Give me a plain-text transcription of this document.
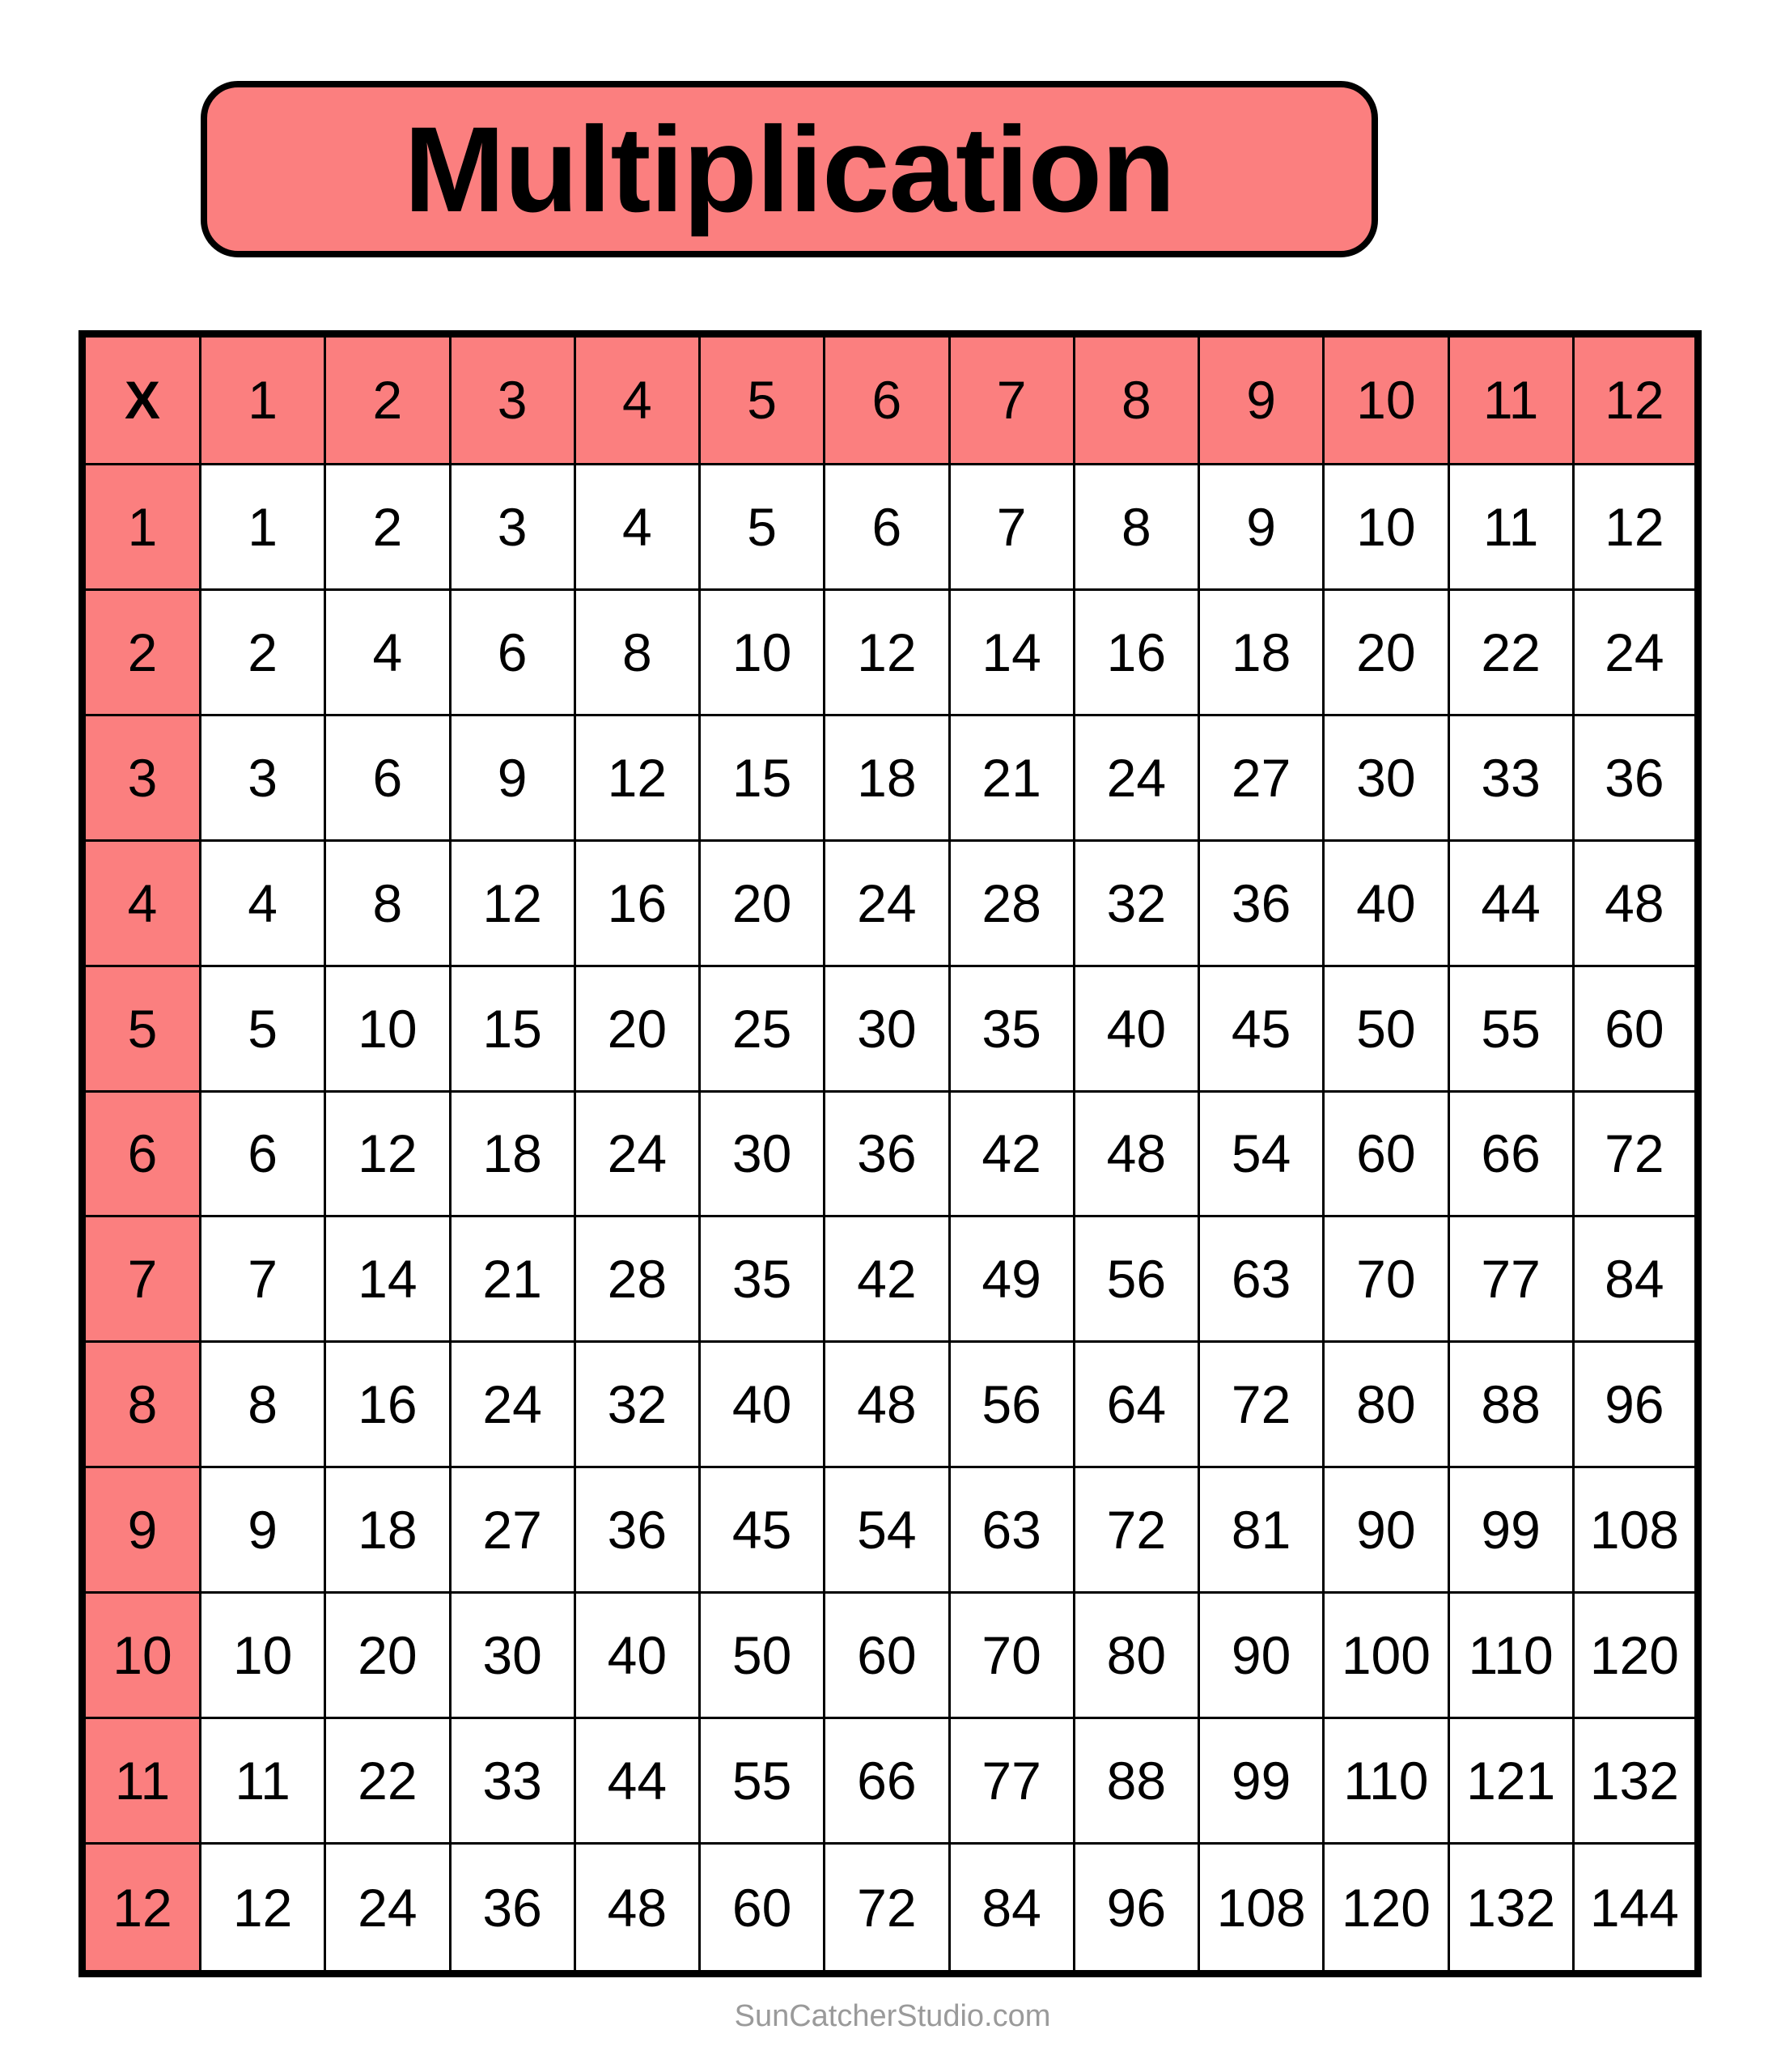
Multiplication
X	1	2	3	4	5	6	7	8	9	10	11	12
1	1	2	3	4	5	6	7	8	9	10	11	12
2	2	4	6	8	10	12	14	16	18	20	22	24
3	3	6	9	12	15	18	21	24	27	30	33	36
4	4	8	12	16	20	24	28	32	36	40	44	48
5	5	10	15	20	25	30	35	40	45	50	55	60
6	6	12	18	24	30	36	42	48	54	60	66	72
7	7	14	21	28	35	42	49	56	63	70	77	84
8	8	16	24	32	40	48	56	64	72	80	88	96
9	9	18	27	36	45	54	63	72	81	90	99	108
10	10	20	30	40	50	60	70	80	90	100	110	120
11	11	22	33	44	55	66	77	88	99	110	121	132
12	12	24	36	48	60	72	84	96	108	120	132	144
SunCatcherStudio.com
